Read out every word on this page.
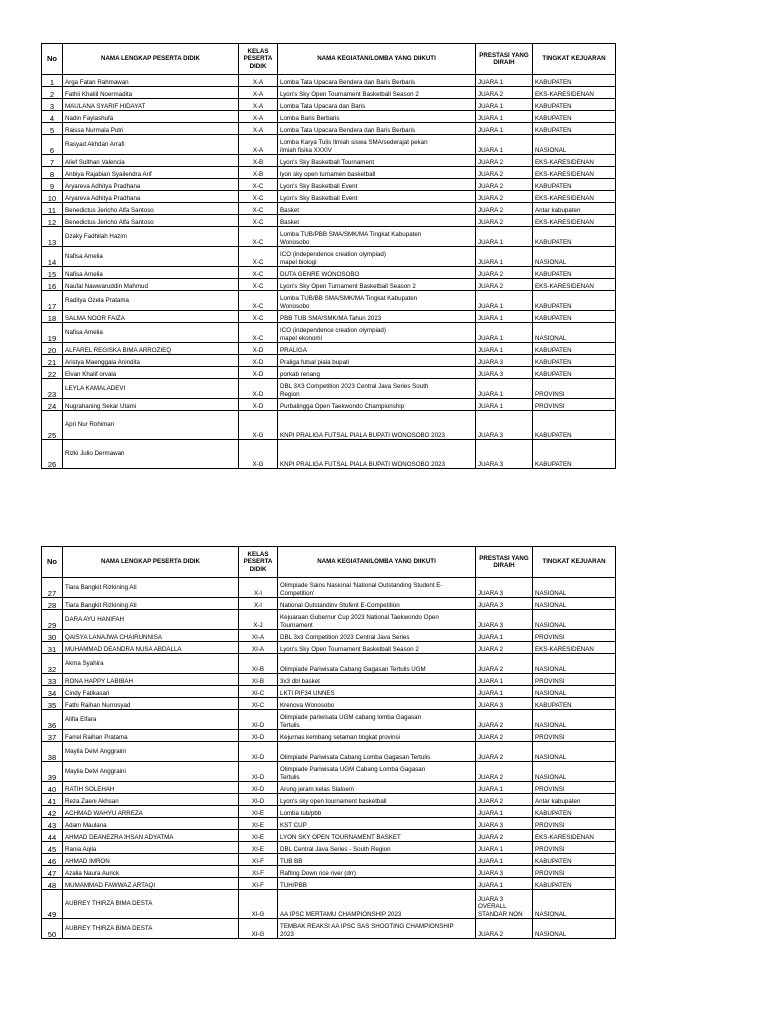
No	NAMA LENGKAP PESERTA DIDIK	KELAS
PESERTA
DIDIK	NAMA KEGIATAN/LOMBA YANG DIIKUTI	PRESTASI YANG
DIRAIH	TINGKAT KEJUARAN
1	Arga Fatan Rahmawan	X-A	Lomba Tata Upacara Bendera dan Baris Berbaris	JUARA 1	KABUPATEN
2	Fathii Khaliil Noermadita	X-A	Lyon's Sky Open Tournament Basketball Season 2	JUARA 2	EKS-KARESIDENAN
3	MAULANA SYARIF HIDAYAT	X-A	Lomba Tata Upacara dan Baris	JUARA 1	KABUPATEN
4	Nadin Faylashufa	X-A	Lomba Baris Berbaris	JUARA 1	KABUPATEN
5	Raissa Nurmala Putri	X-A	Lomba Tata Upacara Bendera dan Baris Berbaris	JUARA 1	KABUPATEN
6	Rasyad Akhdan Arrafi	X-A	Lomba Karya Tulis Ilmiah siswa SMA/sederajat pekan
ilmiah fisika XXXIV	JUARA 1	NASIONAL
7	Alief Sulthan Valencia	X-B	Lyon's Sky Basketball Tournament	JUARA 2	EKS-KARESIDENAN
8	Anbiya Rajabian Syailendra Arif	X-B	lyon sky open turnamen basketball	JUARA 2	EKS-KARESIDENAN
9	Aryareva Adhitya Pradhana	X-C	Lyon's Sky Basketball Event	JUARA 2	KABUPATEN
10	Aryareva Adhitya Pradhana	X-C	Lyon's Sky Basketball Event	JUARA 2	EKS-KARESIDENAN
11	Benedictus Jericho Alfa Santoso	X-C	Basket	JUARA 2	Antar kabupaten
12	Benedictus Jericho Alfa Santoso	X-C	Basket	JUARA 2	EKS-KARESIDENAN
13	Dzaky Fadhilah Hazim	X-C	Lomba TUB/PBB SMA/SMK/MA Tingkat Kabupaten
Wonosobo	JUARA 1	KABUPATEN
14	Nafisa Amelia	X-C	ICO (independence creation olympiad)
mapel biologi	JUARA 1	NASIONAL
15	Nafisa Amelia	X-C	DUTA GENRE WONOSOBO	JUARA 2	KABUPATEN
16	Naufal Nawwaruddin Mahmud	X-C	Lyon's Sky Open Turnament Basketball Season 2	JUARA 2	EKS-KARESIDENAN
17	Raditya Ozela Pratama	X-C	Lomba TUB/BB SMA/SMK/MA Tingkat Kabupaten
Wonosobo	JUARA 1	KABUPATEN
18	SALMA NOOR FAIZA	X-C	PBB TUB SMA/SMK/MA Tahun 2023	JUARA 1	KABUPATEN
19	Nafisa Amelia	X-C	ICO (independence creation olympiad)
mapel ekonomi	JUARA 1	NASIONAL
20	ALFAREL REGISKA BIMA ARROZIEQ	X-D	PRALIGA	JUARA 1	KABUPATEN
21	Aristya Maenggala Anindita	X-D	Praliga futsal piala bupati	JUARA 3	KABUPATEN
22	Elvan Khalif orvala	X-D	porkab renang	JUARA 3	KABUPATEN
23	LEYLA KAMALADEVI	X-D	DBL 3X3 Competition 2023 Central Java Series South
Region	JUARA 1	PROVINSI
24	Nugrahaning Sekar Utami	X-D	Purbalingga Open Taekwondo Championship	JUARA 1	PROVINSI
25	Apri Nur Rohiman	X-G	KNPI PRALIGA FUTSAL PIALA BUPATI WONOSOBO 2023	JUARA 3	KABUPATEN
26	Rizki Julio Dermawan	X-G	KNPI PRALIGA FUTSAL PIALA BUPATI WONOSOBO 2023	JUARA 3	KABUPATEN
No	NAMA LENGKAP PESERTA DIDIK	KELAS
PESERTA
DIDIK	NAMA KEGIATAN/LOMBA YANG DIIKUTI	PRESTASI YANG
DIRAIH	TINGKAT KEJUARAN
27	Tiara Bangkit Rizkining Ati	X-I	Olimpiade Sains Nasional 'National Outstanding Student E-
Competition'	JUARA 3	NASIONAL
28	Tiara Bangkit Rizkining Ati	X-I	National Outstandinv Stufent E-Competition	JUARA 3	NASIONAL
29	DARA AYU HANIFAH	X-J	Kejuaraan Gubernur Cup 2023 National Taekwondo Open
Tournament	JUARA 3	NASIONAL
30	QAISYA LANAJWA CHAIRUNNISA	XI-A	DBL 3x3 Competition 2023 Central Java Series	JUARA 1	PROVINSI
31	MUHAMMAD DEANDRA NUSA ABDALLA	XI-A	Lyon's Sky Open Tournament Basketball Season 2	JUARA 2	EKS-KARESIDENAN
32	Akma Syahira	XI-B	Olimpiade Pariwisata Cabang Gagasan Tertulis UGM	JUARA 2	NASIONAL
33	RONA HAPPY LABIBAH	XI-B	3x3 dbl basket	JUARA 1	PROVINSI
34	Cindy Fatikasari	XI-C	LKTI PIF34 UNNES	JUARA 1	NASIONAL
35	Fathi Raihan Nurrosyad	XI-C	Krenova Wonosobo	JUARA 3	KABUPATEN
36	Alifia Elfara	XI-D	Olimpiade pariwisata UGM cabang lomba Gagasan
Tertulis	JUARA 2	NASIONAL
37	Farrel Raihan Pratama	XI-D	Kejurnas kembang setaman tingkat provinsi	JUARA 2	PROVINSI
38	Maylia Delvi Anggraini	XI-D	Olimpiade Pariwisata Cabang Lomba Gagasan Tertulis	JUARA 2	NASIONAL
39	Maylia Delvi Anggraini	XI-D	Olimpiade Pariwisata UGM Cabang Lomba Gagasan
Tertulis	JUARA 2	NASIONAL
40	RATIH SOLEHAH	XI-D	Arung jeram kelas Slaloem	JUARA 1	PROVINSI
41	Reza Zaeni Akhsan	XI-D	Lyon's sky open tournament basketball	JUARA 2	Antar kabupaten
42	ACHMAD WAHYU ARREZA	XI-E	Lomba tub/pbb	JUARA 1	KABUPATEN
43	Adam Maulana	XI-E	KST CUP	JUARA 3	PROVINSI
44	AHMAD DEANEZRA IHSAN ADYATMA	XI-E	LYON SKY OPEN TOURNAMENT BASKET	JUARA 2	EKS-KARESIDENAN
45	Rania Aqila	XI-E	DBL Central Java Series - South Region	JUARA 1	PROVINSI
46	AHMAD IMRON	XI-F	TUB BB	JUARA 1	KABUPATEN
47	Azalia Naura Aurick	XI-F	Rafting Down rice river (drr)	JUARA 3	PROVINSI
48	MUMAMMAD FAWWAZ ARTAQI	XI-F	TUH/PBB	JUARA 1	KABUPATEN
49	AUBREY THIRZA BIMA DESTA	XI-G	AA IPSC MERTAMU CHAMPIONSHIP 2023	JUARA 3
OVERALL
STANDAR NON	NASIONAL
50	AUBREY THIRZA BIMA DESTA	XI-G	TEMBAK REAKSI AA IPSC SAS SHOOTING CHAMPIONSHIP
2023	JUARA 2	NASIONAL
